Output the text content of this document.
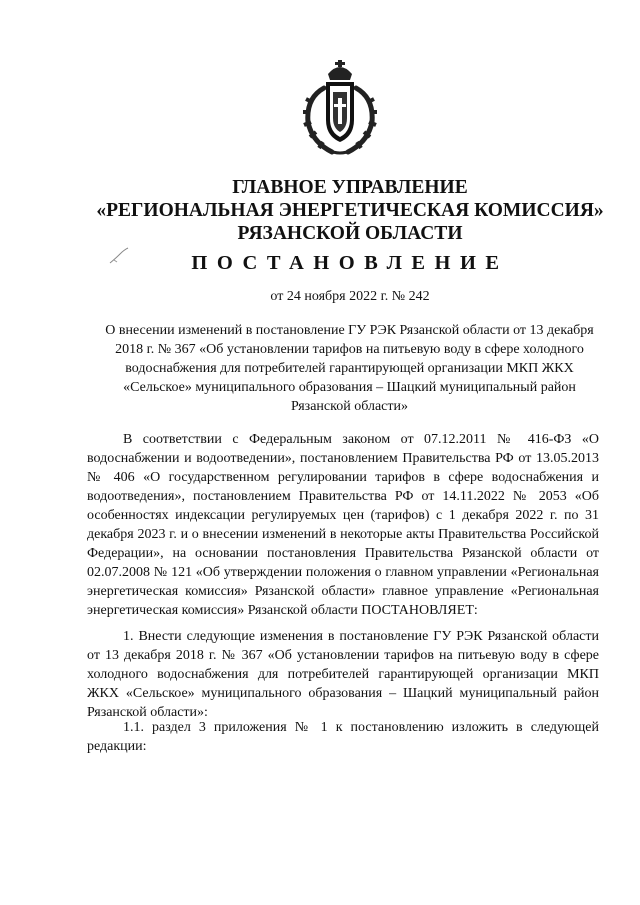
ГЛАВНОЕ УПРАВЛЕНИЕ
«РЕГИОНАЛЬНАЯ ЭНЕРГЕТИЧЕСКАЯ КОМИССИЯ»
РЯЗАНСКОЙ ОБЛАСТИ
ПОСТАНОВЛЕНИЕ
от 24 ноября 2022 г. № 242
О внесении изменений в постановление ГУ РЭК Рязанской области от 13 декабря 2018 г. № 367 «Об установлении тарифов на питьевую воду в сфере холодного водоснабжения для потребителей гарантирующей организации МКП ЖКХ «Сельское» муниципального образования – Шацкий муниципальный район Рязанской области»

В соответствии с Федеральным законом от 07.12.2011 № 416-ФЗ «О водоснабжении и водоотведении», постановлением Правительства РФ от 13.05.2013 № 406 «О государственном регулировании тарифов в сфере водоснабжения и водоотведения», постановлением Правительства РФ от 14.11.2022 № 2053 «Об особенностях индексации регулируемых цен (тарифов) с 1 декабря 2022 г. по 31 декабря 2023 г. и о внесении изменений в некоторые акты Правительства Российской Федерации», на основании постановления Правительства Рязанской области от 02.07.2008 № 121 «Об утверждении положения о главном управлении «Региональная энергетическая комиссия» Рязанской области» главное управление «Региональная энергетическая комиссия» Рязанской области ПОСТАНОВЛЯЕТ:

1. Внести следующие изменения в постановление ГУ РЭК Рязанской области от 13 декабря 2018 г. № 367 «Об установлении тарифов на питьевую воду в сфере холодного водоснабжения для потребителей гарантирующей организации МКП ЖКХ «Сельское» муниципального образования – Шацкий муниципальный район Рязанской области»:

1.1. раздел 3 приложения № 1 к постановлению изложить в следующей редакции:
